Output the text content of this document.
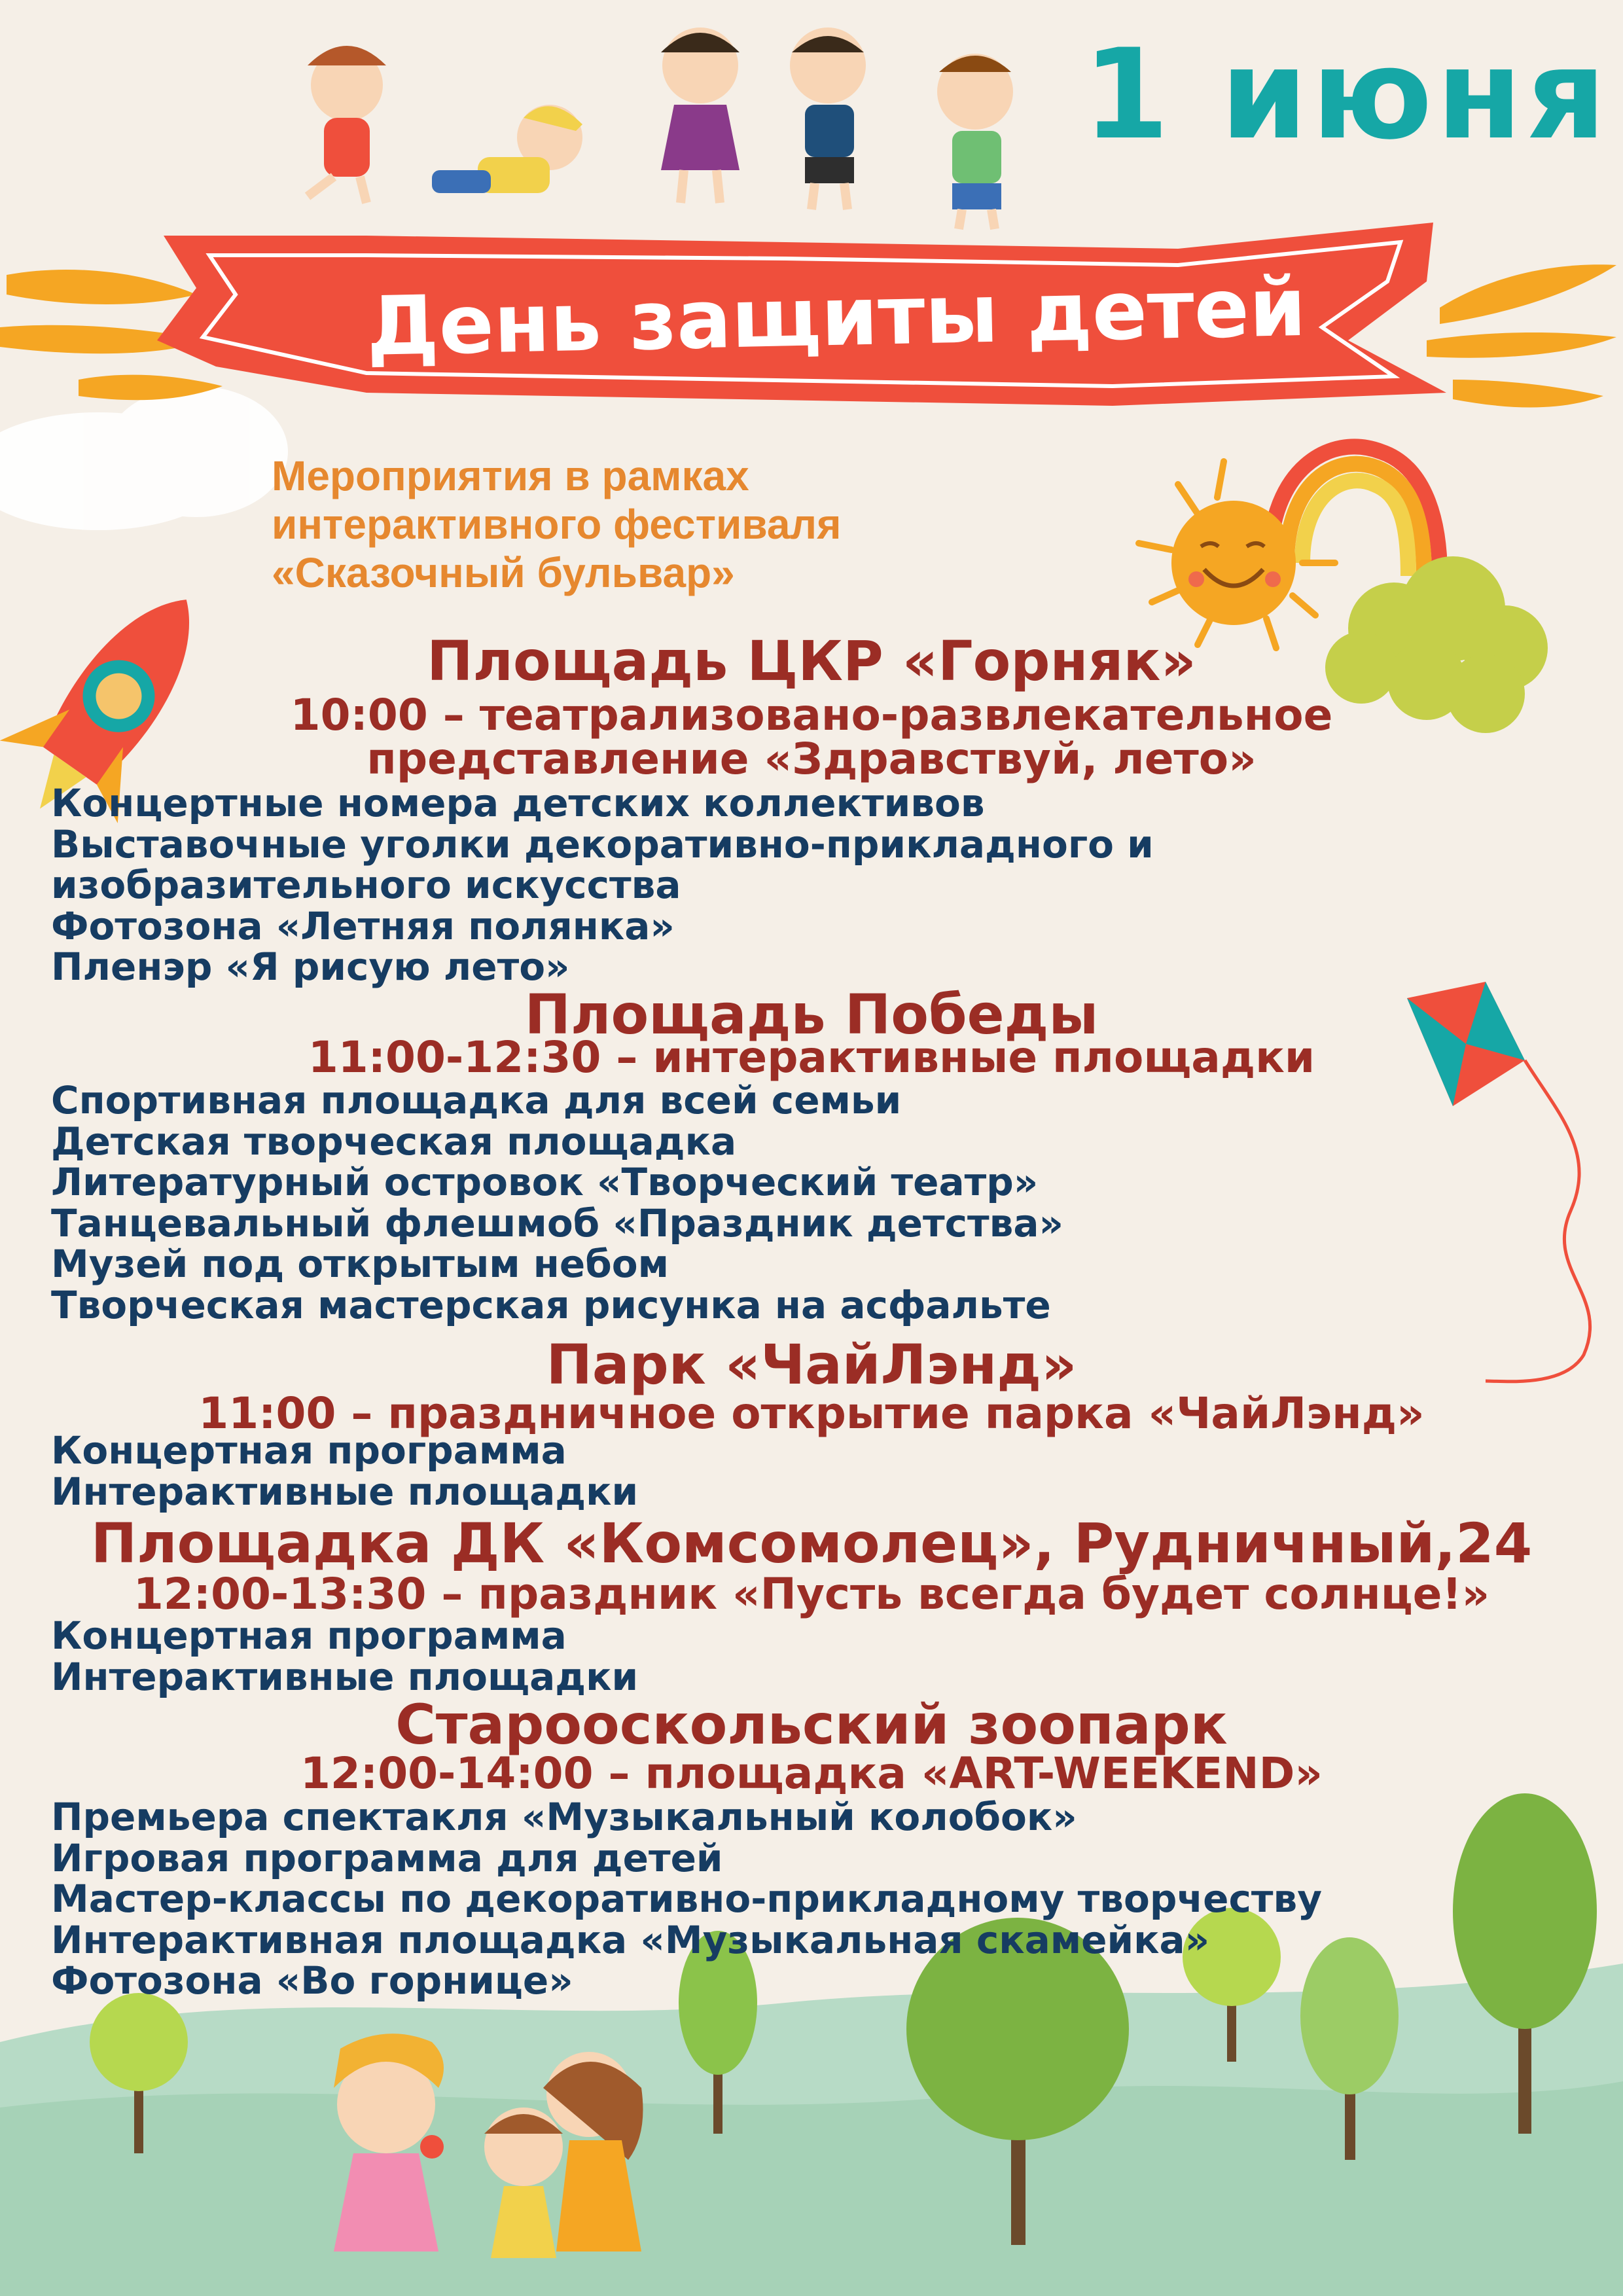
1 июня
День защиты детей
Мероприятия в рамках
интерактивного фестиваля
«Сказочный бульвар»
Площадь ЦКР «Горняк»
10:00 – театрализовано-развлекательное
представление «Здравствуй, лето»
Концертные номера детских коллективов
Выставочные уголки декоративно-прикладного и
изобразительного искусства
Фотозона «Летняя полянка»
Пленэр «Я рисую лето»
Площадь Победы
11:00-12:30 – интерактивные площадки
Спортивная площадка для всей семьи
Детская творческая площадка
Литературный островок «Творческий театр»
Танцевальный флешмоб «Праздник детства»
Музей под открытым небом
Творческая мастерская рисунка на асфальте
Парк «ЧайЛэнд»
11:00 – праздничное открытие парка «ЧайЛэнд»
Концертная программа
Интерактивные площадки
Площадка ДК «Комсомолец», Рудничный,24
12:00-13:30 – праздник «Пусть всегда будет солнце!»
Концертная программа
Интерактивные площадки
Старооскольский зоопарк
12:00-14:00 – площадка «ART-WEEKEND»
Премьера спектакля «Музыкальный колобок»
Игровая программа для детей
Мастер-классы по декоративно-прикладному творчеству
Интерактивная площадка «Музыкальная скамейка»
Фотозона «Во горнице»
